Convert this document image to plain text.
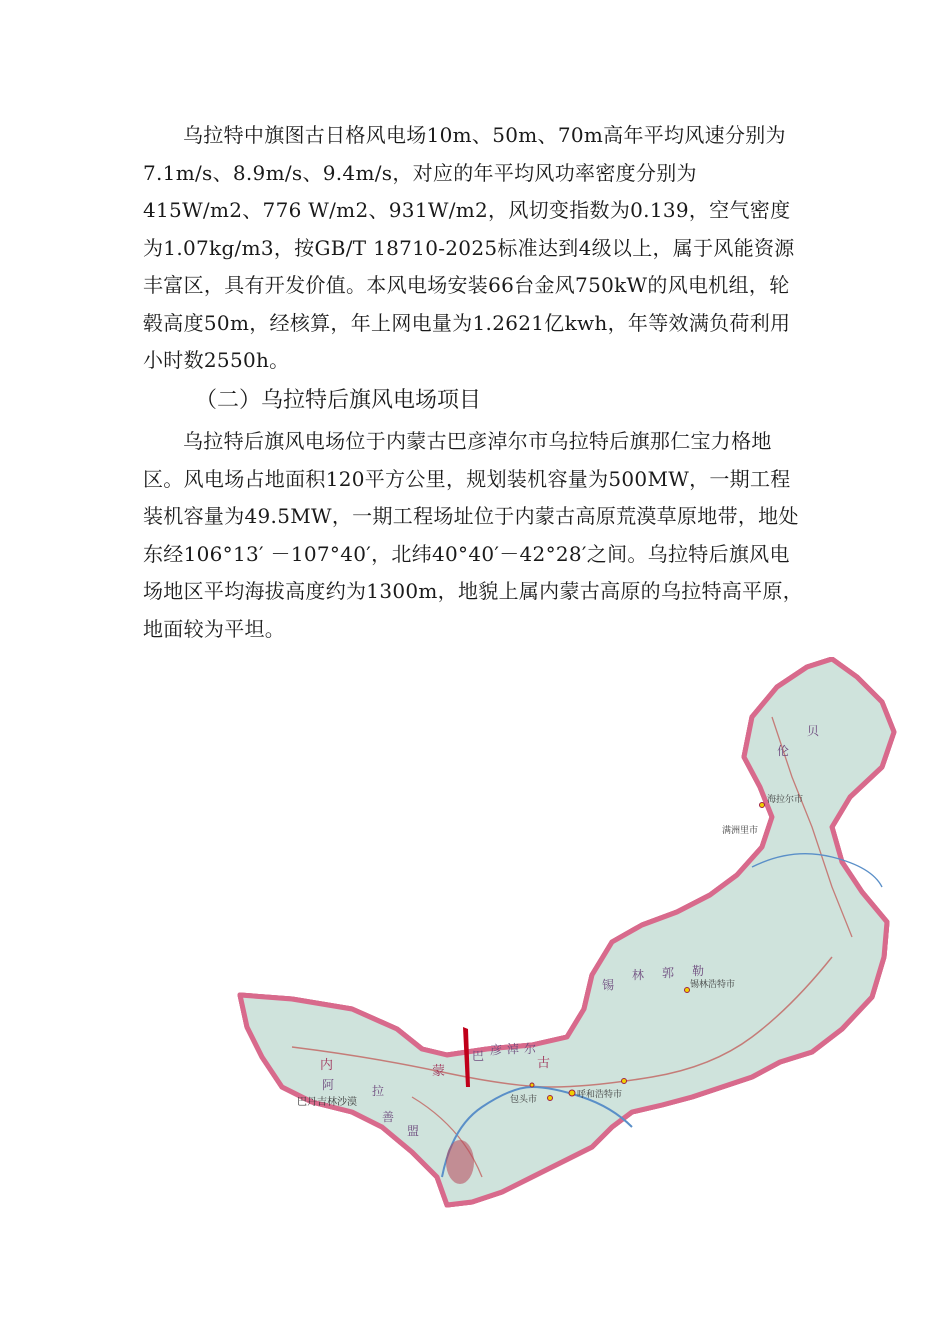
乌拉特中旗图古日格风电场10m、50m、70m高年平均风速分别为7.1m/s、8.9m/s、9.4m/s，对应的年平均风功率密度分别为415W/m2、776 W/m2、931W/m2，风切变指数为0.139，空气密度为1.07kg/m3，按GB/T 18710-2025标准达到4级以上，属于风能资源丰富区，具有开发价值。本风电场安装66台金风750kW的风电机组，轮毂高度50m，经核算，年上网电量为1.2621亿kwh，年等效满负荷利用小时数2550h。

（二）乌拉特后旗风电场项目

乌拉特后旗风电场位于内蒙古巴彦淖尔市乌拉特后旗那仁宝力格地区。风电场占地面积120平方公里，规划装机容量为500MW，一期工程装机容量为49.5MW，一期工程场址位于内蒙古高原荒漠草原地带，地处东经106°13′ －107°40′，北纬40°40′－42°28′之间。乌拉特后旗风电场地区平均海拔高度约为1300m，地貌上属内蒙古高原的乌拉特高平原，地面较为平坦。

内	蒙
古
阿	拉
善
盟
巴 彦 淖 尔
锡
林 郭 勒
伦
贝
巴丹吉林沙漠
呼和浩特市
包头市
锡林浩特市
海拉尔市
满洲里市
